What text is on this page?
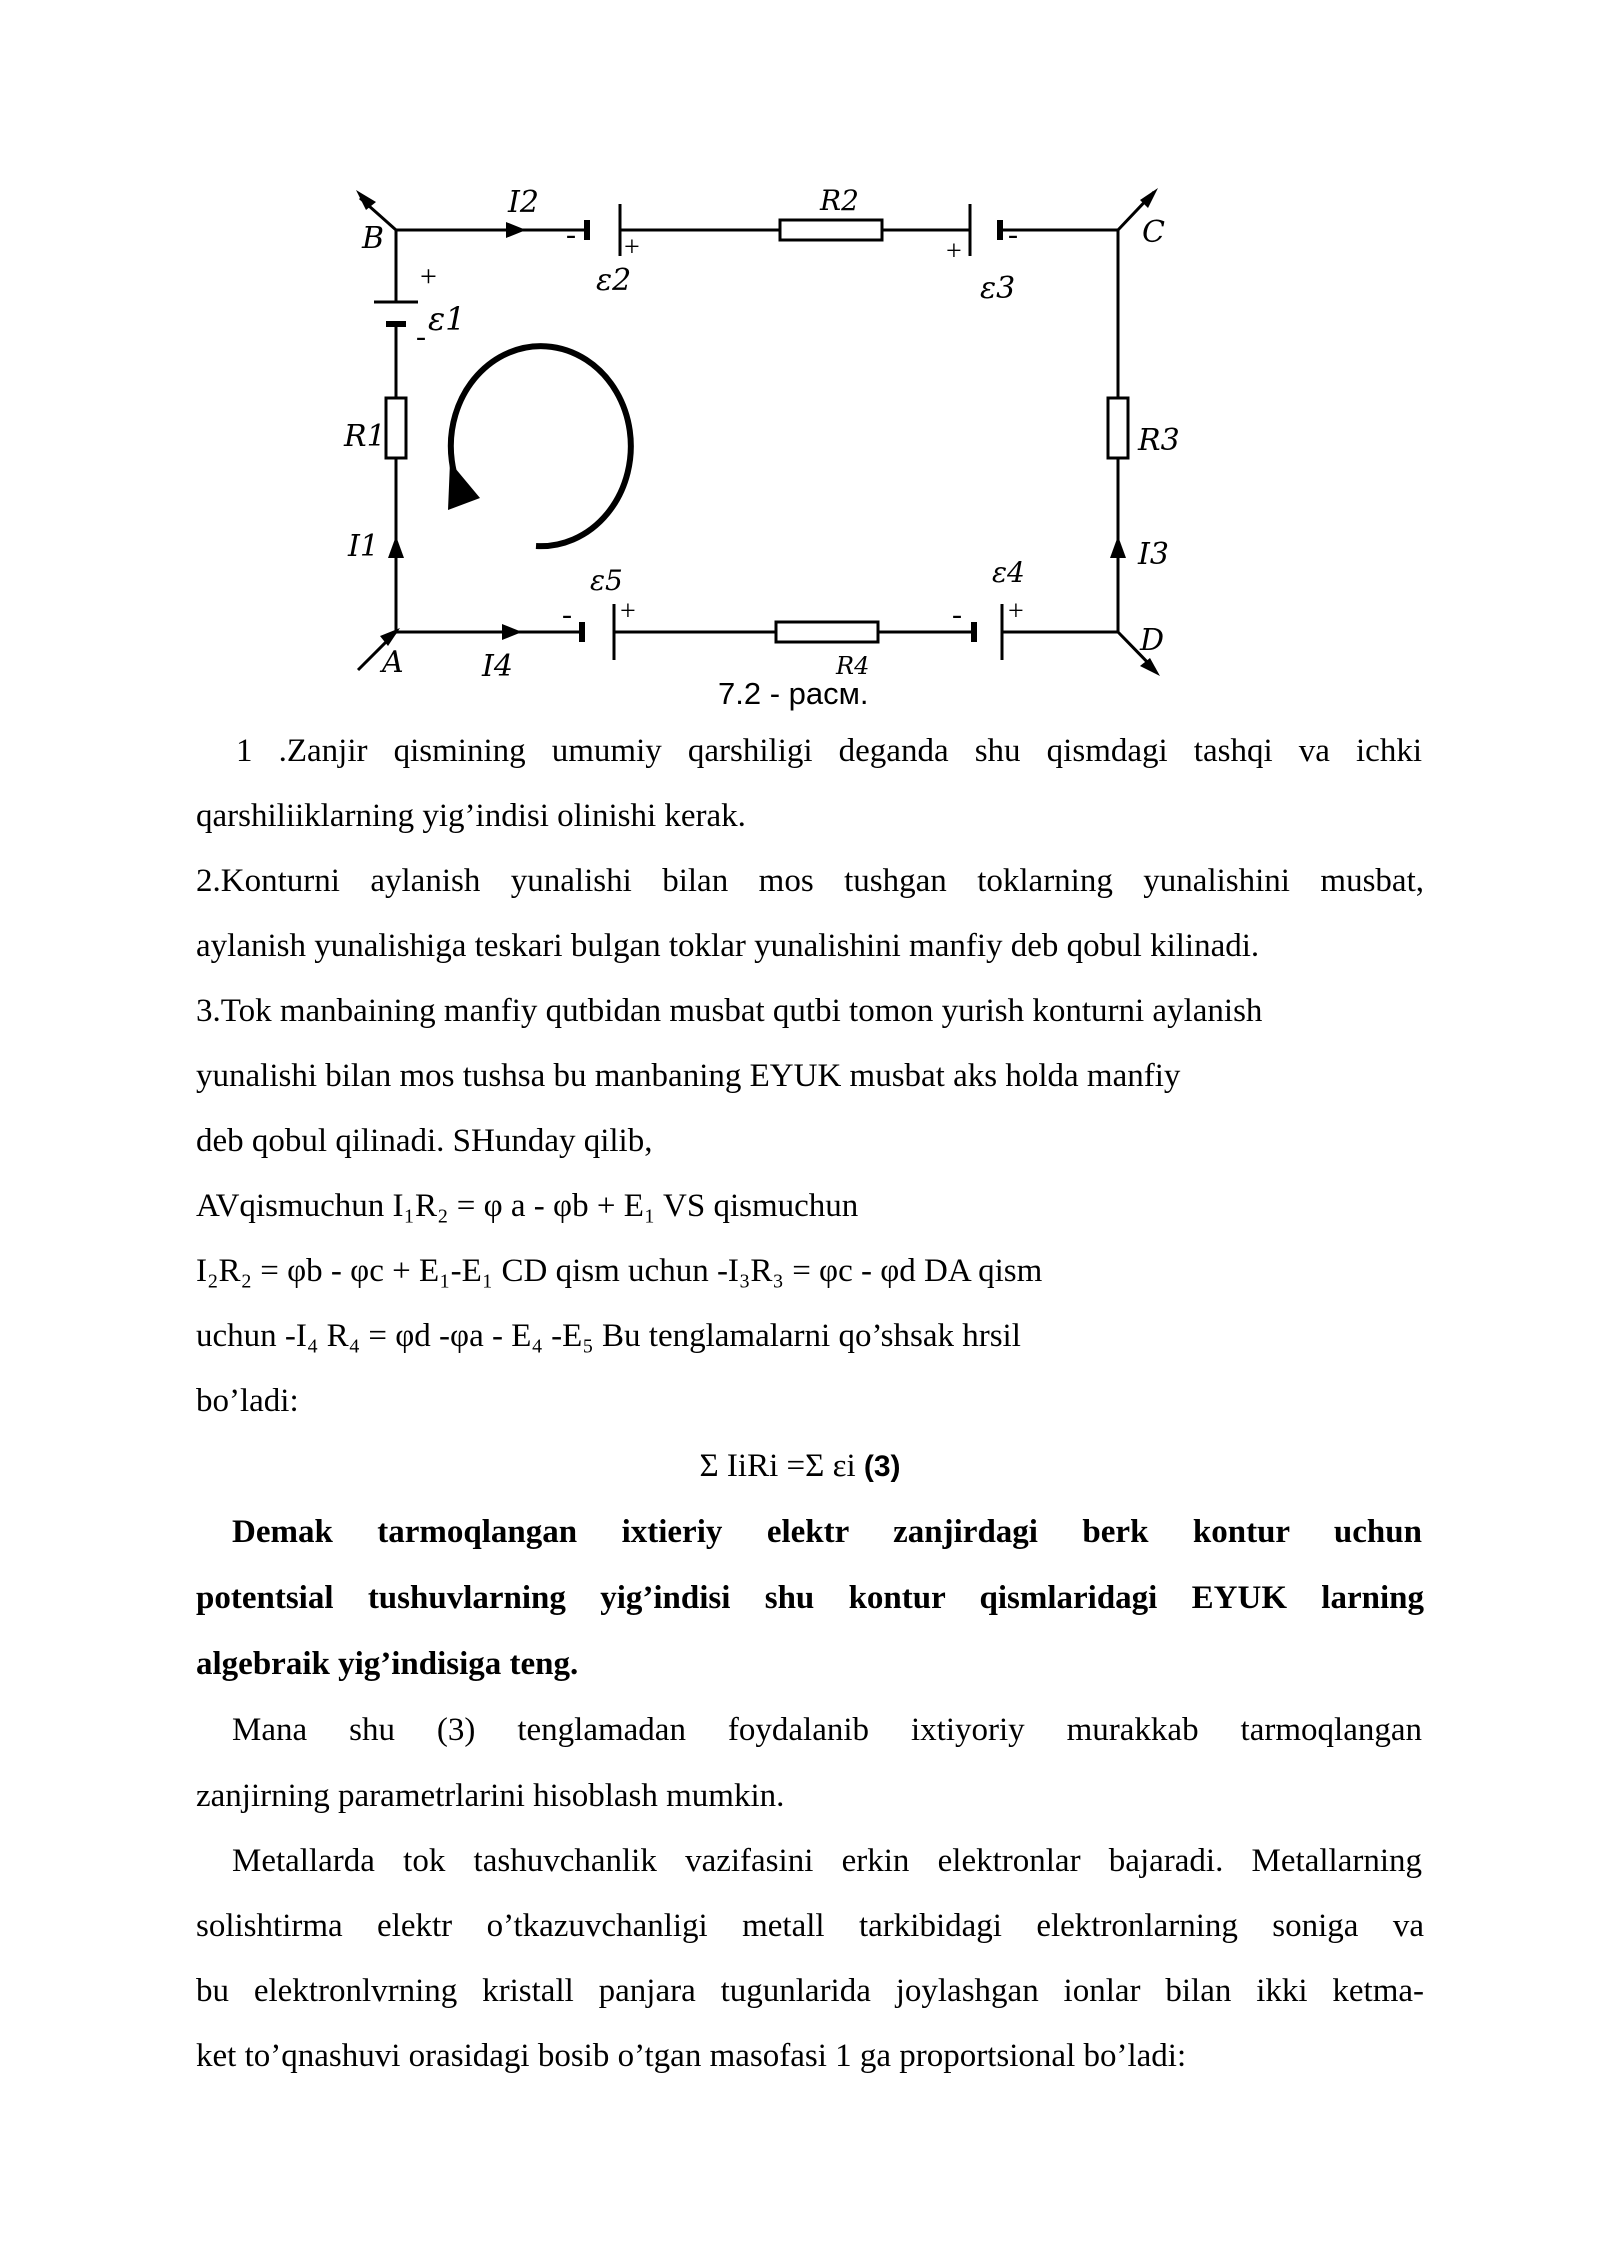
B	C
D
A
I2
I1	I3
I4
R1
R2
R3
R4
ε1
ε2	ε3
ε5	ε4
+
-
- +	+
-
- +	- +
7.2 - расм.
1 .Zanjir qismining umumiy qarshiligi deganda shu qismdagi tashqi va ichki
qarshiliiklarning yig’indisi olinishi kerak.
2.Konturni aylanish yunalishi bilan mos tushgan toklarning yunalishini musbat,
aylanish yunalishiga teskari bulgan toklar yunalishini manfiy deb qobul kilinadi.
3.Tok manbaining manfiy qutbidan musbat qutbi tomon yurish konturni aylanish
yunalishi bilan mos tushsa bu manbaning EYUK musbat aks holda manfiy
deb qobul qilinadi. SHunday qilib,
AVqismuchun I₁R₂ = φ a - φb + E₁ VS qismuchun
I₂R₂ = φb - φc + E₁-E₁ CD qism uchun -I₃R₃ = φc - φd DA qism
uchun -I₄ R₄ = φd -φa - E₄ -E₅ Bu tenglamalarni qo’shsak hrsil
bo’ladi:
Σ IiRi =Σ εi (3)
Demak tarmoqlangan ixtieriy elektr zanjirdagi berk kontur uchun
potentsial tushuvlarning yig’indisi shu kontur qismlaridagi EYUK larning
algebraik yig’indisiga teng.
Mana shu (3) tenglamadan foydalanib ixtiyoriy murakkab tarmoqlangan
zanjirning parametrlarini hisoblash mumkin.
Metallarda tok tashuvchanlik vazifasini erkin elektronlar bajaradi. Metallarning
solishtirma elektr o’tkazuvchanligi metall tarkibidagi elektronlarning soniga va
bu elektronlvrning kristall panjara tugunlarida joylashgan ionlar bilan ikki ketma-
ket to’qnashuvi orasidagi bosib o’tgan masofasi 1 ga proportsional bo’ladi:
